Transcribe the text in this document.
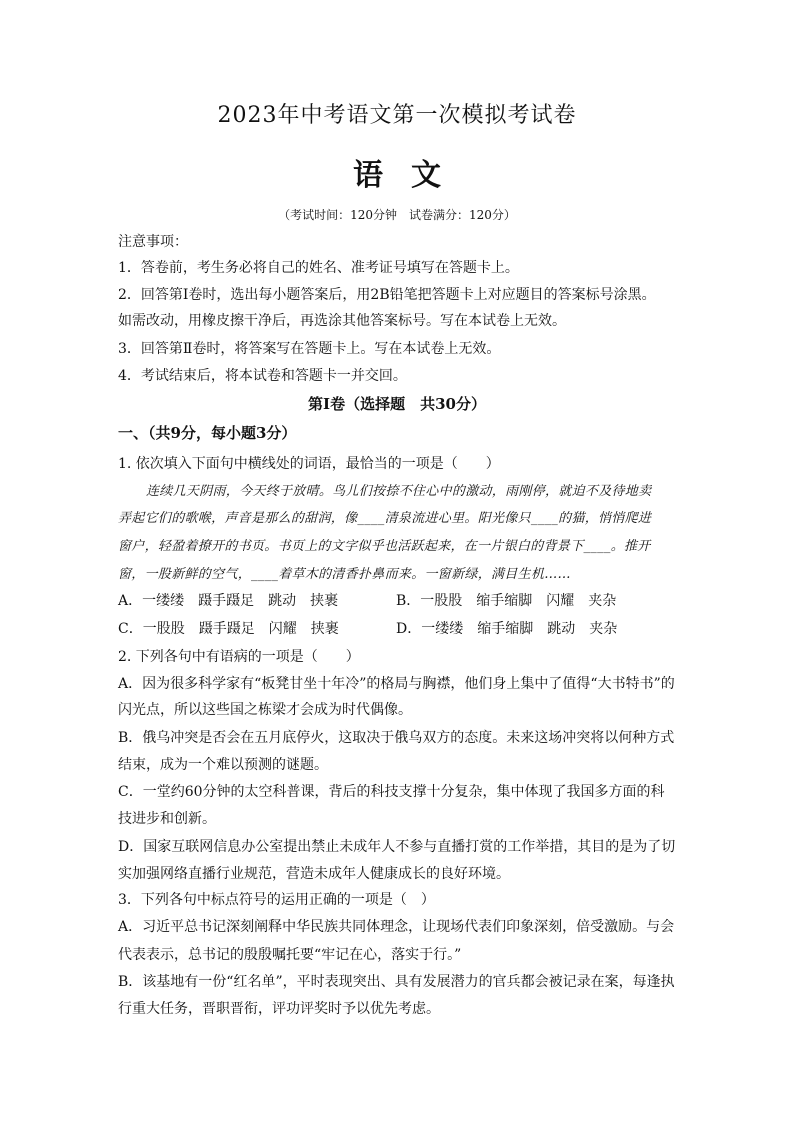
2023年中考语文第一次模拟考试卷
语文
（考试时间：120分钟　试卷满分：120分）
注意事项：
1．答卷前，考生务必将自己的姓名、准考证号填写在答题卡上。
2．回答第Ⅰ卷时，选出每小题答案后，用2B铅笔把答题卡上对应题目的答案标号涂黑。
如需改动，用橡皮擦干净后，再选涂其他答案标号。写在本试卷上无效。
3．回答第Ⅱ卷时，将答案写在答题卡上。写在本试卷上无效。
4．考试结束后，将本试卷和答题卡一并交回。
第Ⅰ卷（选择题　共30分）
一、（共9分，每小题3分）
1. 依次填入下面句中横线处的词语，最恰当的一项是（　　）
连续几天阴雨，今天终于放晴。鸟儿们按捺不住心中的激动，雨刚停，就迫不及待地卖
弄起它们的歌喉，声音是那么的甜润，像____清泉流进心里。阳光像只____的猫，悄悄爬进
窗户，轻盈着撩开的书页。书页上的文字似乎也活跃起来，在一片银白的背景下____。推开
窗，一股新鲜的空气，____着草木的清香扑鼻而来。一窗新绿，满目生机……
A．一缕缕　蹑手蹑足　跳动　挟裹	B．一股股　缩手缩脚　闪耀　夹杂
C．一股股　蹑手蹑足　闪耀　挟裹	D．一缕缕　缩手缩脚　跳动　夹杂
2. 下列各句中有语病的一项是（　　）
A．因为很多科学家有“板凳甘坐十年冷”的格局与胸襟，他们身上集中了值得“大书特书”的
闪光点，所以这些国之栋梁才会成为时代偶像。
B．俄乌冲突是否会在五月底停火，这取决于俄乌双方的态度。未来这场冲突将以何种方式
结束，成为一个难以预测的谜题。
C．一堂约60分钟的太空科普课，背后的科技支撑十分复杂，集中体现了我国多方面的科
技进步和创新。
D．国家互联网信息办公室提出禁止未成年人不参与直播打赏的工作举措，其目的是为了切
实加强网络直播行业规范，营造未成年人健康成长的良好环境。
3．下列各句中标点符号的运用正确的一项是（　）
A．习近平总书记深刻阐释中华民族共同体理念，让现场代表们印象深刻，倍受激励。与会
代表表示，总书记的殷殷嘱托要“牢记在心，落实于行。”
B．该基地有一份“红名单”，平时表现突出、具有发展潜力的官兵都会被记录在案，每逢执
行重大任务，晋职晋衔，评功评奖时予以优先考虑。
